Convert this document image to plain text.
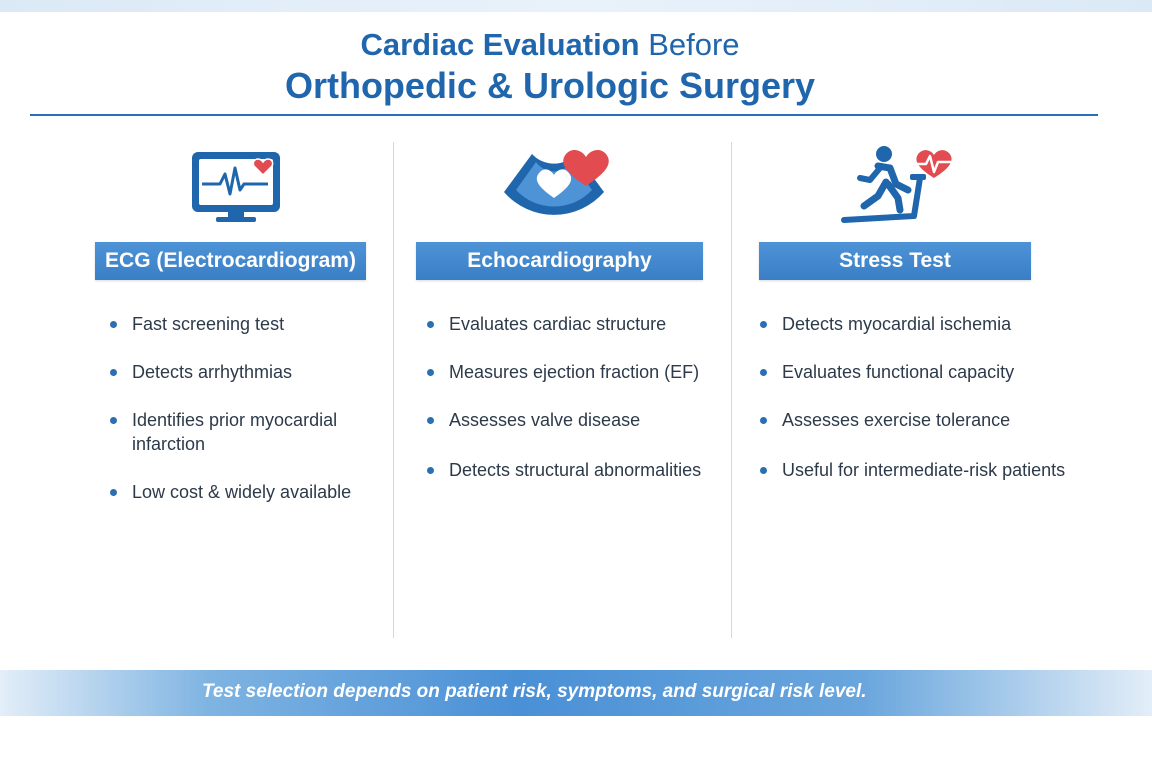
Cardiac Evaluation Before
Orthopedic & Urologic Surgery
ECG (Electrocardiogram)
Fast screening test
Detects arrhythmias
Identifies prior myocardial infarction
Low cost & widely available
Echocardiography
Evaluates cardiac structure
Measures ejection fraction (EF)
Assesses valve disease
Detects structural abnormalities
Stress Test
Detects myocardial ischemia
Evaluates functional capacity
Assesses exercise tolerance
Useful for intermediate-risk patients
Test selection depends on patient risk, symptoms, and surgical risk level.
